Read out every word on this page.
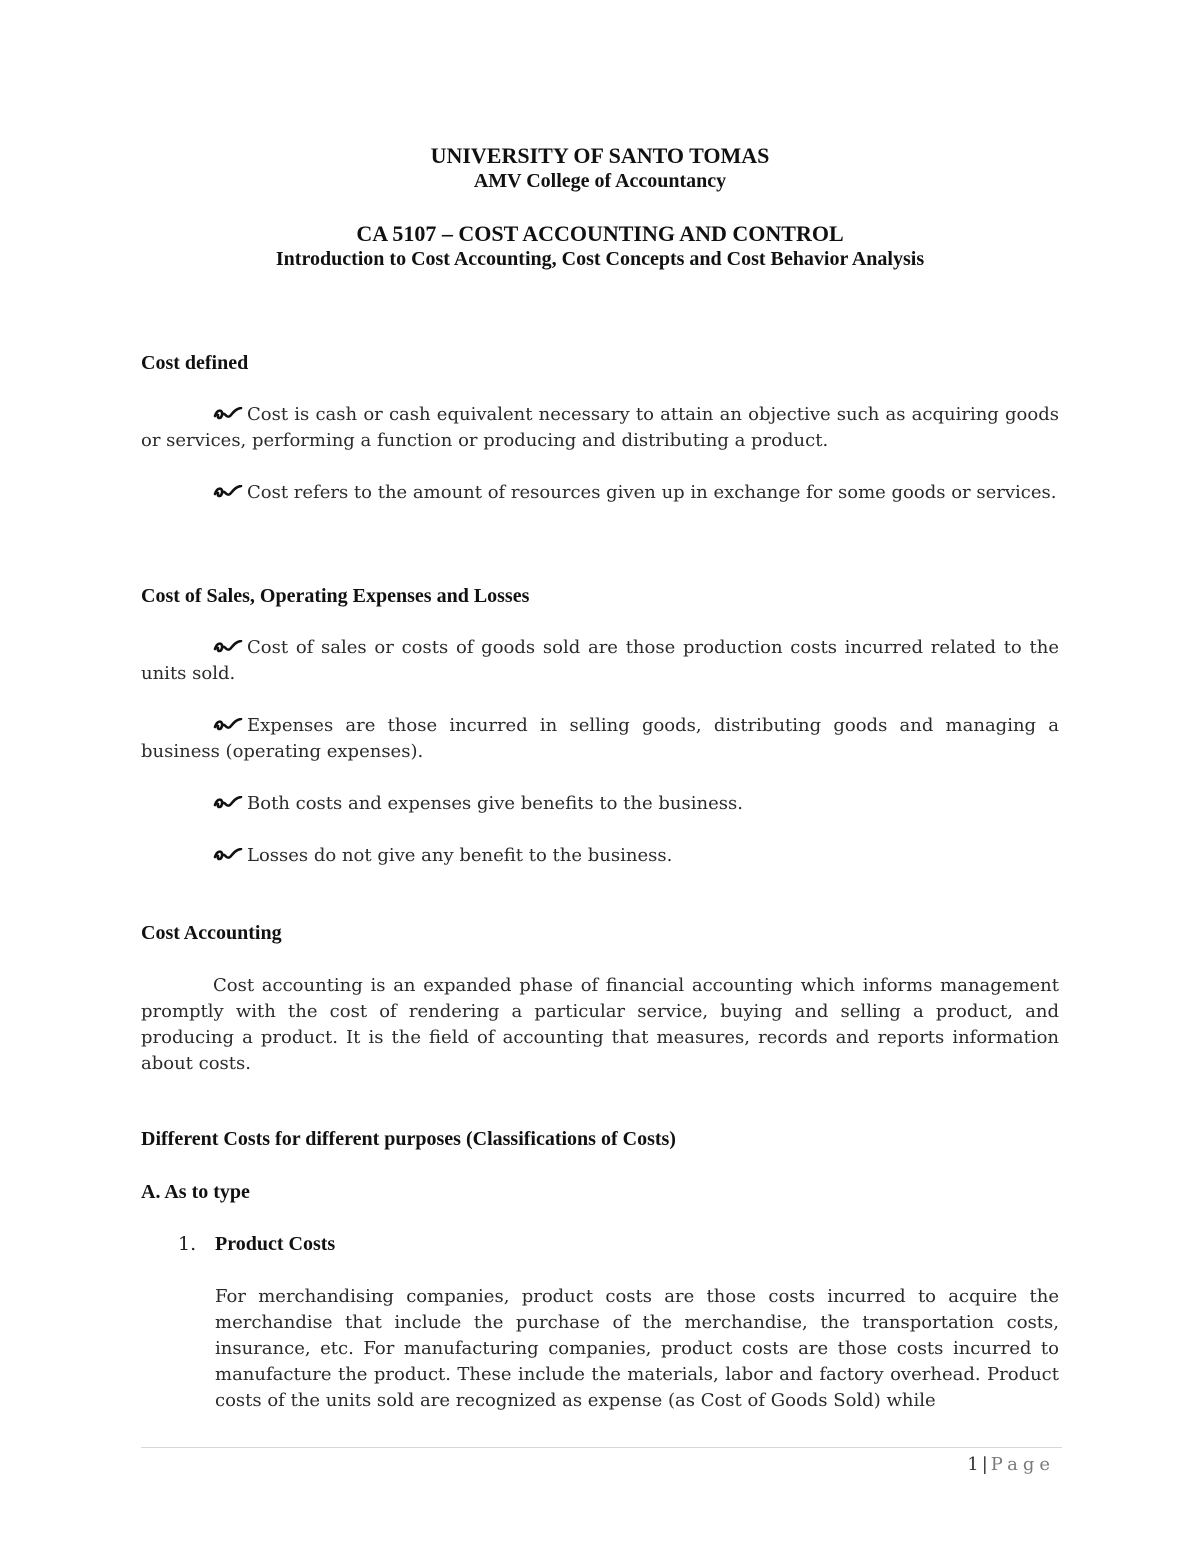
UNIVERSITY OF SANTO TOMAS
AMV College of Accountancy
CA 5107 – COST ACCOUNTING AND CONTROL
Introduction to Cost Accounting, Cost Concepts and Cost Behavior Analysis
Cost defined
Cost is cash or cash equivalent necessary to attain an objective such as acquiring goods or services, performing a function or producing and distributing a product.
Cost refers to the amount of resources given up in exchange for some goods or services.
Cost of Sales, Operating Expenses and Losses
Cost of sales or costs of goods sold are those production costs incurred related to the units sold.
Expenses are those incurred in selling goods, distributing goods and managing a business (operating expenses).
Both costs and expenses give benefits to the business.
Losses do not give any benefit to the business.
Cost Accounting
Cost accounting is an expanded phase of financial accounting which informs management promptly with the cost of rendering a particular service, buying and selling a product, and producing a product. It is the field of accounting that measures, records and reports information about costs.
Different Costs for different purposes (Classifications of Costs)
A. As to type
1. Product Costs
For merchandising companies, product costs are those costs incurred to acquire the merchandise that include the purchase of the merchandise, the transportation costs, insurance, etc. For manufacturing companies, product costs are those costs incurred to manufacture the product. These include the materials, labor and factory overhead. Product costs of the units sold are recognized as expense (as Cost of Goods Sold) while
1 | Page
